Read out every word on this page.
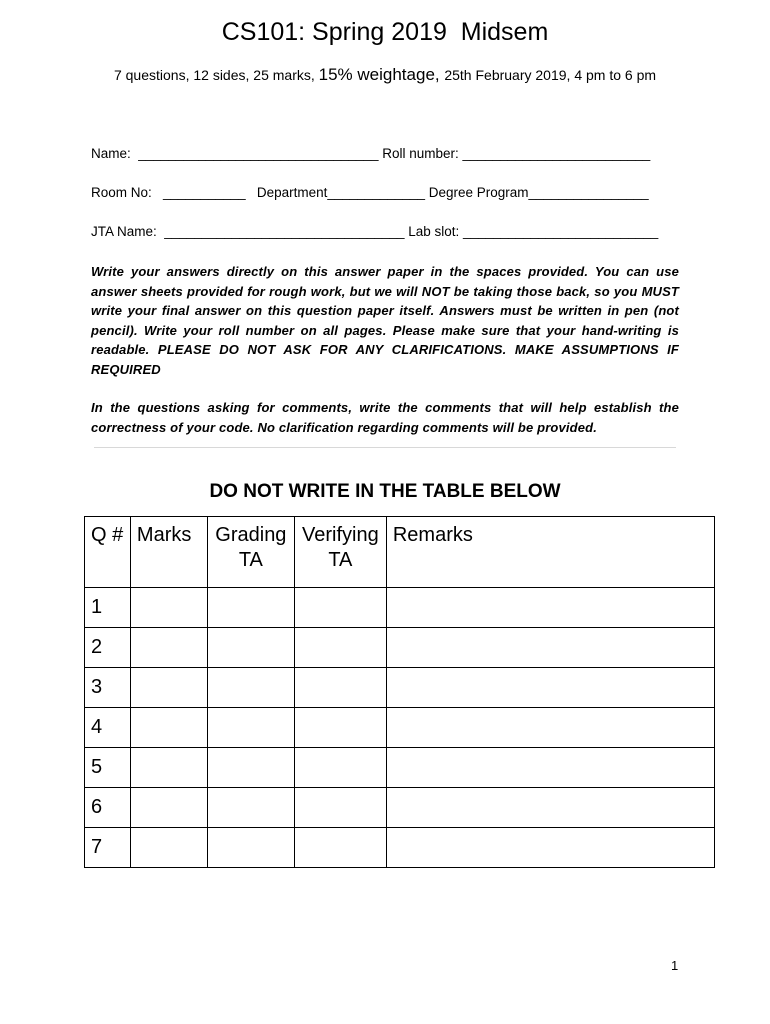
CS101: Spring 2019  Midsem
7 questions, 12 sides, 25 marks, 15% weightage, 25th February 2019, 4 pm to 6 pm
Name:  ________________________________ Roll number: _________________________
Room No:   ___________   Department_____________ Degree Program________________
JTA Name:  ________________________________ Lab slot: __________________________
Write your answers directly on this answer paper in the spaces provided. You can use answer sheets provided for rough work, but we will NOT be taking those back, so you MUST write your final answer on this question paper itself. Answers must be written in pen (not pencil). Write your roll number on all pages. Please make sure that your hand-writing is readable. PLEASE DO NOT ASK FOR ANY CLARIFICATIONS. MAKE ASSUMPTIONS IF REQUIRED
In the questions asking for comments, write the comments that will help establish the correctness of your code. No clarification regarding comments will be provided.
DO NOT WRITE IN THE TABLE BELOW
Q #	Marks	Grading TA	Verifying TA	Remarks
1				
2				
3				
4				
5				
6				
7				
1
